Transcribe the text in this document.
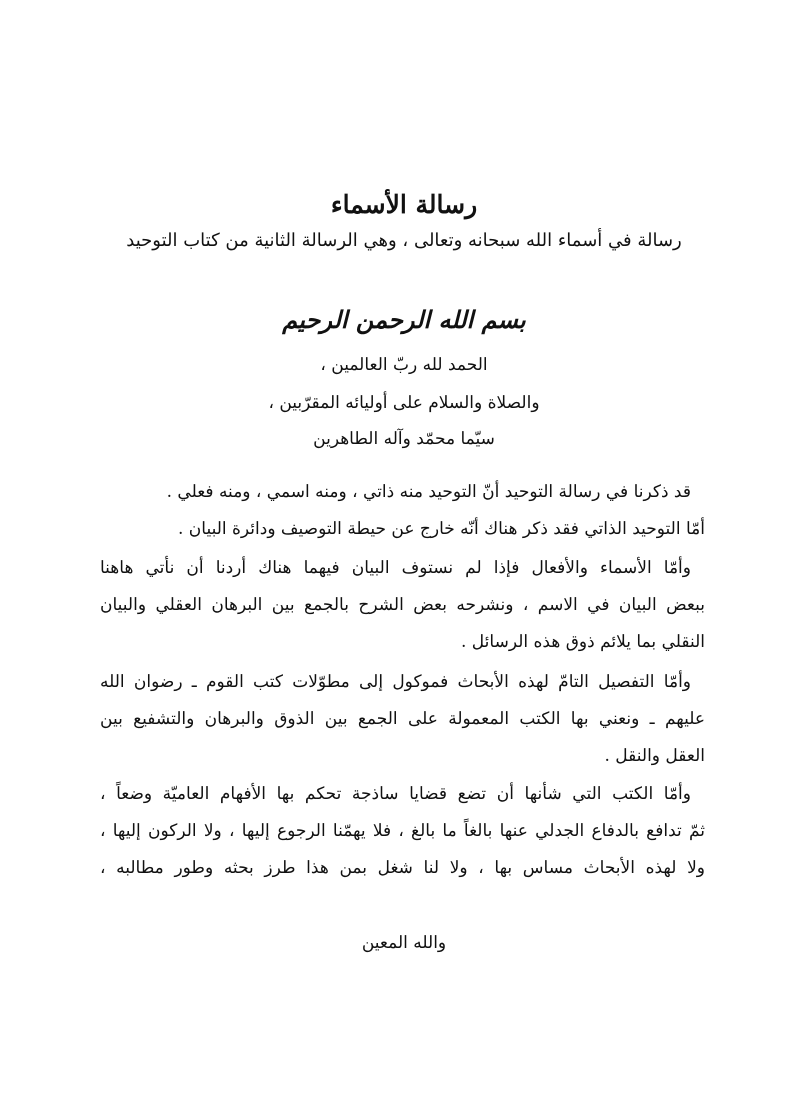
رسالة الأسماء
رسالة في أسماء الله سبحانه وتعالى ، وهي الرسالة الثانية من كتاب التوحيد
بسم الله الرحمن الرحيم
الحمد لله ربّ العالمين ،
والصلاة والسلام على أوليائه المقرّبين ،
سيّما محمّد وآله الطاهرين
قد ذكرنا في رسالة التوحيد أنّ التوحيد منه ذاتي ، ومنه اسمي ، ومنه فعلي .
أمّا التوحيد الذاتي فقد ذكر هناك أنّه خارج عن حيطة التوصيف ودائرة البيان .
وأمّا الأسماء والأفعال فإذا لم نستوف البيان فيهما هناك أردنا أن نأتي هاهنا
ببعض البيان في الاسم ، ونشرحه بعض الشرح بالجمع بين البرهان العقلي والبيان
النقلي بما يلائم ذوق هذه الرسائل .
وأمّا التفصيل التامّ لهذه الأبحاث فموكول إلى مطوّلات كتب القوم ـ رضوان الله
عليهم ـ ونعني بها الكتب المعمولة على الجمع بين الذوق والبرهان والتشفيع بين
العقل والنقل .
وأمّا الكتب التي شأنها أن تضع قضايا ساذجة تحكم بها الأفهام العاميّة وضعاً ،
ثمّ تدافع بالدفاع الجدلي عنها بالغاً ما بالغ ، فلا يهمّنا الرجوع إليها ، ولا الركون إليها ،
ولا لهذه الأبحاث مساس بها ، ولا لنا شغل بمن هذا طرز بحثه وطور مطالبه ،
والله المعين
